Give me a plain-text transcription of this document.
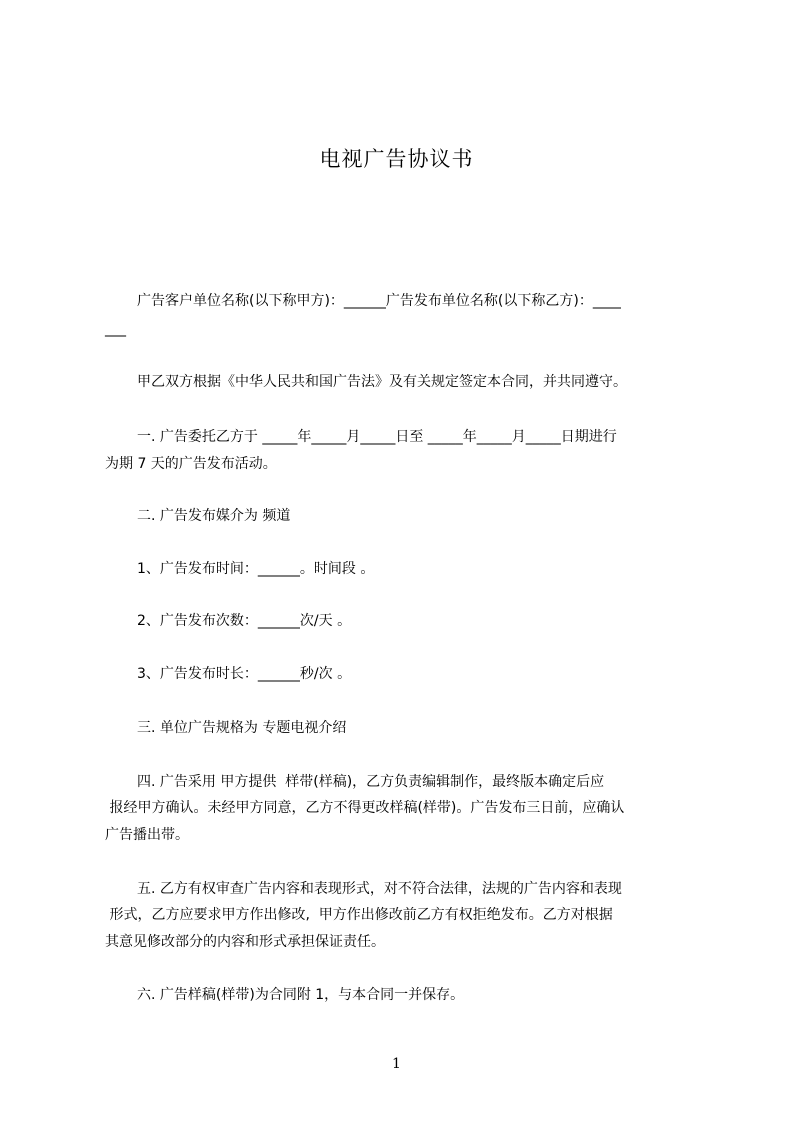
电视广告协议书
广告客户单位名称(以下称甲方)：______广告发布单位名称(以下称乙方)：____
___
甲乙双方根据《中华人民共和国广告法》及有关规定签定本合同，并共同遵守。
一. 广告委托乙方于 _____年_____月_____日至 _____年_____月_____日期进行
为期 7 天的广告发布活动。
二. 广告发布媒介为 频道
1、广告发布时间：______。时间段 。
2、广告发布次数：______次/天 。
3、广告发布时长：______秒/次 。
三. 单位广告规格为 专题电视介绍
四. 广告采用 甲方提供  样带(样稿)，乙方负责编辑制作，最终版本确定后应
报经甲方确认。未经甲方同意，乙方不得更改样稿(样带)。广告发布三日前，应确认
广告播出带。
五. 乙方有权审查广告内容和表现形式，对不符合法律，法规的广告内容和表现
形式，乙方应要求甲方作出修改,  甲方作出修改前乙方有权拒绝发布。乙方对根据
其意见修改部分的内容和形式承担保证责任。
六. 广告样稿(样带)为合同附 1，与本合同一并保存。
1
